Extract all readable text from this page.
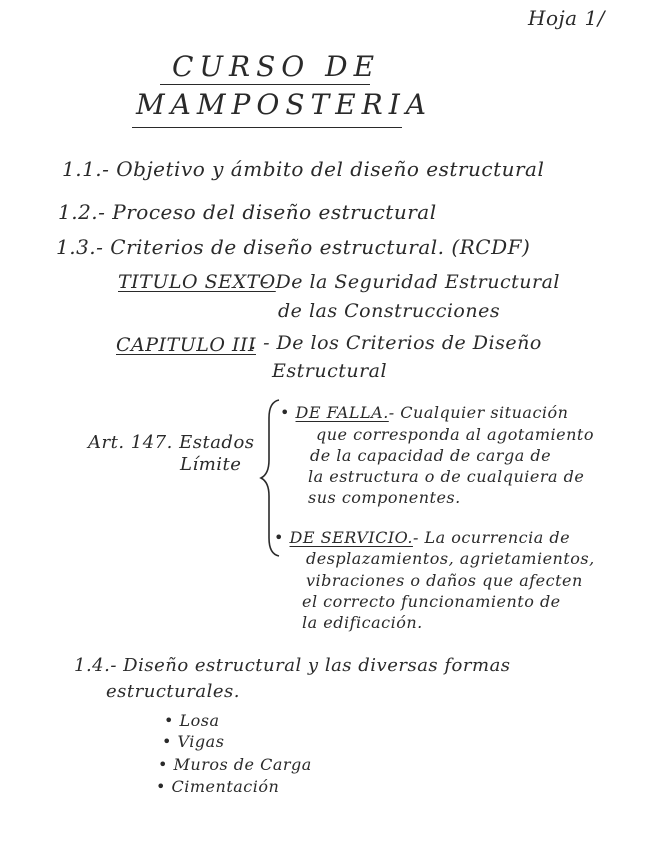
Hoja 1/
CURSO DE
MAMPOSTERIA
1.1.- Objetivo y ámbito del diseño estructural
1.2.- Proceso del diseño estructural
1.3.- Criterios de diseño estructural. (RCDF)
TITULO SEXTO
- De la Seguridad Estructural
de las Construcciones
CAPITULO III
. - De los Criterios de Diseño
Estructural
Art. 147. Estados
Límite
• DE FALLA.- Cualquier situación
que corresponda al agotamiento
de la capacidad de carga de
la estructura o de cualquiera de
sus componentes.
• DE SERVICIO.- La ocurrencia de
desplazamientos, agrietamientos,
vibraciones o daños que afecten
el correcto funcionamiento de
la edificación.
1.4.- Diseño estructural y las diversas formas
estructurales.
• Losa
• Vigas
• Muros de Carga
• Cimentación
